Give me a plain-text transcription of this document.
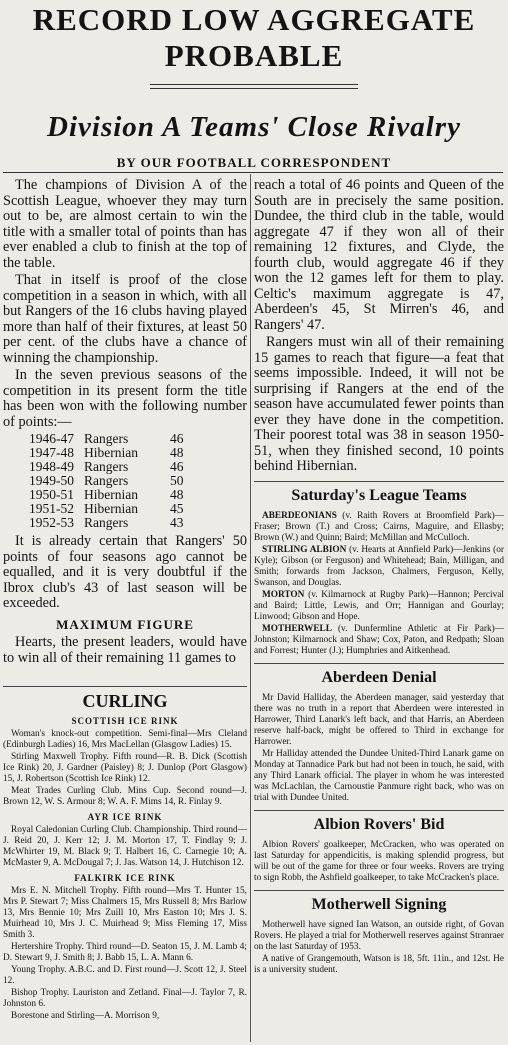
RECORD LOW AGGREGATE
PROBABLE
Division A Teams' Close Rivalry
BY OUR FOOTBALL CORRESPONDENT

The champions of Division A of the Scottish League, whoever they may turn out to be, are almost certain to win the title with a smaller total of points than has ever enabled a club to finish at the top of the table.

That in itself is proof of the close competition in a season in which, with all but Rangers of the 16 clubs having played more than half of their fixtures, at least 50 per cent. of the clubs have a chance of winning the championship.

In the seven previous seasons of the competition in its present form the title has been won with the following number of points:—

1946-47	Rangers	46
1947-48	Hibernian	48
1948-49	Rangers	46
1949-50	Rangers	50
1950-51	Hibernian	48
1951-52	Hibernian	45
1952-53	Rangers	43

It is already certain that Rangers' 50 points of four seasons ago cannot be equalled, and it is very doubtful if the Ibrox club's 43 of last season will be exceeded.

MAXIMUM FIGURE

Hearts, the present leaders, would have to win all of their remaining 11 games to

reach a total of 46 points and Queen of the South are in precisely the same position. Dundee, the third club in the table, would aggregate 47 if they won all of their remaining 12 fixtures, and Clyde, the fourth club, would aggregate 46 if they won the 12 games left for them to play. Celtic's maximum aggregate is 47, Aberdeen's 45, St Mirren's 46, and Rangers' 47.

Rangers must win all of their remaining 15 games to reach that figure—a feat that seems impossible. Indeed, it will not be surprising if Rangers at the end of the season have accumulated fewer points than ever they have done in the competition. Their poorest total was 38 in season 1950-51, when they finished second, 10 points behind Hibernian.

Saturday's League Teams

ABERDEONIANS (v. Raith Rovers at Broomfield Park)—Fraser; Brown (T.) and Cross; Cairns, Maguire, and Ellasby; Brown (W.) and Quinn; Baird; McMillan and McCulloch.

STIRLING ALBION (v. Hearts at Annfield Park)—Jenkins (or Kyle); Gibson (or Ferguson) and Whitehead; Bain, Milligan, and Smith; forwards from Jackson, Chalmers, Ferguson, Kelly, Swanson, and Douglas.

MORTON (v. Kilmarnock at Rugby Park)—Hannon; Percival and Baird; Little, Lewis, and Orr; Hannigan and Gourlay; Linwood; Gibson and Hope.

MOTHERWELL (v. Dunfermline Athletic at Fir Park)—Johnston; Kilmarnock and Shaw; Cox, Paton, and Redpath; Sloan and Forrest; Hunter (J.); Humphries and Aitkenhead.

Aberdeen Denial

Mr David Halliday, the Aberdeen manager, said yesterday that there was no truth in a report that Aberdeen were interested in Harrower, Third Lanark's left back, and that Harris, an Aberdeen reserve half-back, might be offered to Third in exchange for Harrower.

Mr Halliday attended the Dundee United-Third Lanark game on Monday at Tannadice Park but had not been in touch, he said, with any Third Lanark official. The player in whom he was interested was McLachlan, the Carnoustie Panmure right back, who was on trial with Dundee United.

Albion Rovers' Bid

Albion Rovers' goalkeeper, McCracken, who was operated on last Saturday for appendicitis, is making splendid progress, but will be out of the game for three or four weeks. Rovers are trying to sign Robb, the Ashfield goalkeeper, to take McCracken's place.

Motherwell Signing

Motherwell have signed Ian Watson, an outside right, of Govan Rovers. He played a trial for Motherwell reserves against Stranraer on the last Saturday of 1953.

A native of Grangemouth, Watson is 18, 5ft. 11in., and 12st. He is a university student.

CURLING
SCOTTISH ICE RINK

Woman's knock-out competition. Semi-final—Mrs Cleland (Edinburgh Ladies) 16, Mrs MacLellan (Glasgow Ladies) 15.

Stirling Maxwell Trophy. Fifth round—R. B. Dick (Scottish Ice Rink) 20, J. Gardner (Paisley) 8; J. Dunlop (Port Glasgow) 15, J. Robertson (Scottish Ice Rink) 12.

Meat Trades Curling Club. Mins Cup. Second round—J. Brown 12, W. S. Armour 8; W. A. F. Mims 14, R. Finlay 9.

AYR ICE RINK

Royal Caledonian Curling Club. Championship. Third round—J. Reid 20, J. Kerr 12; J. M. Morton 17, T. Findlay 9; J. McWhirter 19, M. Black 9; T. Halbert 16, C. Carnegie 10; A. McMaster 9, A. McDougal 7; J. Jas. Watson 14, J. Hutchison 12.

FALKIRK ICE RINK

Mrs E. N. Mitchell Trophy. Fifth round—Mrs T. Hunter 15, Mrs P. Stewart 7; Miss Chalmers 15, Mrs Russell 8; Mrs Barlow 13, Mrs Bennie 10; Mrs Zuill 10, Mrs Easton 10; Mrs J. S. Muirhead 10, Mrs J. C. Muirhead 9; Miss Fleming 17, Miss Smith 3.

Hertershire Trophy. Third round—D. Seaton 15, J. M. Lamb 4; D. Stewart 9, J. Smith 8; J. Babb 15, L. A. Mann 6.

Young Trophy. A.B.C. and D. First round—J. Scott 12, J. Steel 12.

Bishop Trophy. Lauriston and Zetland. Final—J. Taylor 7, R. Johnston 6.

Borestone and Stirling—A. Morrison 9,
